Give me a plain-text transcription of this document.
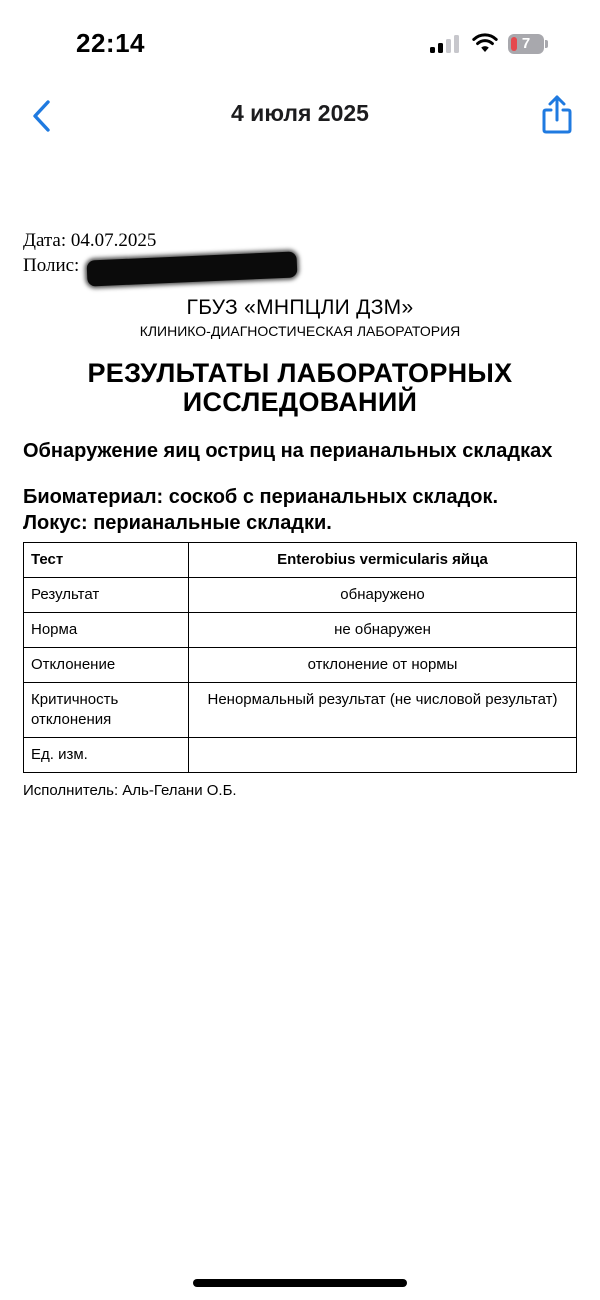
22:14	7
4 июля 2025
Дата: 04.07.2025
Полис:
ГБУЗ «МНПЦЛИ ДЗМ»
КЛИНИКО-ДИАГНОСТИЧЕСКАЯ ЛАБОРАТОРИЯ
РЕЗУЛЬТАТЫ ЛАБОРАТОРНЫХ ИССЛЕДОВАНИЙ
Обнаружение яиц остриц на перианальных складках
Биоматериал: соскоб с перианальных складок.
Локус: перианальные складки.
Тест	Enterobius vermicularis яйца
Результат	обнаружено
Норма	не обнаружен
Отклонение	отклонение от нормы
Критичность отклонения	Ненормальный результат (не числовой результат)
Ед. изм.	
Исполнитель: Аль-Гелани О.Б.
